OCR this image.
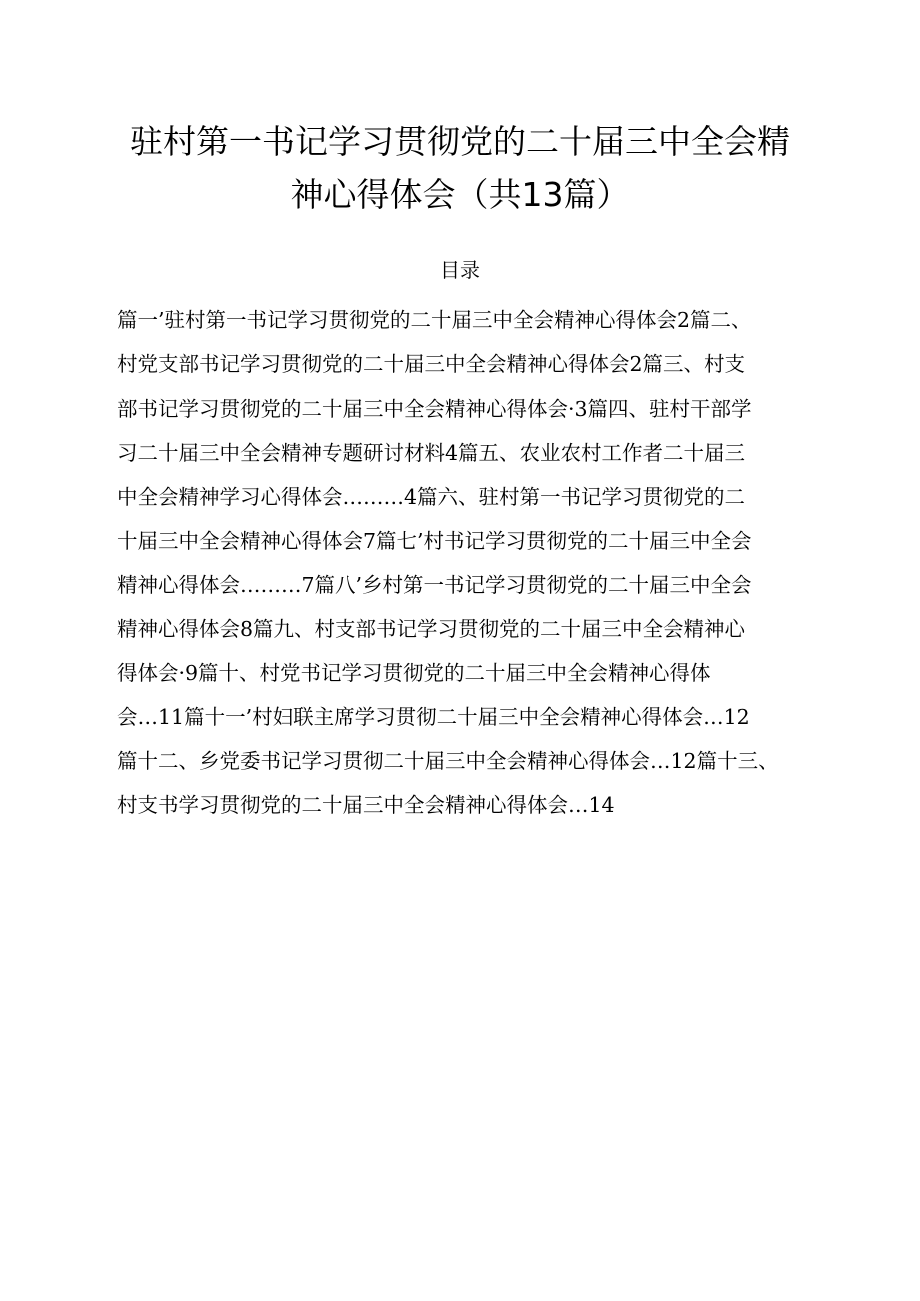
驻村第一书记学习贯彻党的二十届三中全会精
神心得体会（共13篇）
目录
篇一’驻村第一书记学习贯彻党的二十届三中全会精神心得体会2篇二、
村党支部书记学习贯彻党的二十届三中全会精神心得体会2篇三、村支
部书记学习贯彻党的二十届三中全会精神心得体会·3篇四、驻村干部学
习二十届三中全会精神专题研讨材料4篇五、农业农村工作者二十届三
中全会精神学习心得体会………4篇六、驻村第一书记学习贯彻党的二
十届三中全会精神心得体会7篇七’村书记学习贯彻党的二十届三中全会
精神心得体会………7篇八’乡村第一书记学习贯彻党的二十届三中全会
精神心得体会8篇九、村支部书记学习贯彻党的二十届三中全会精神心
得体会·9篇十、村党书记学习贯彻党的二十届三中全会精神心得体
会…11篇十一’村妇联主席学习贯彻二十届三中全会精神心得体会…12
篇十二、乡党委书记学习贯彻二十届三中全会精神心得体会…12篇十三、
村支书学习贯彻党的二十届三中全会精神心得体会…14
